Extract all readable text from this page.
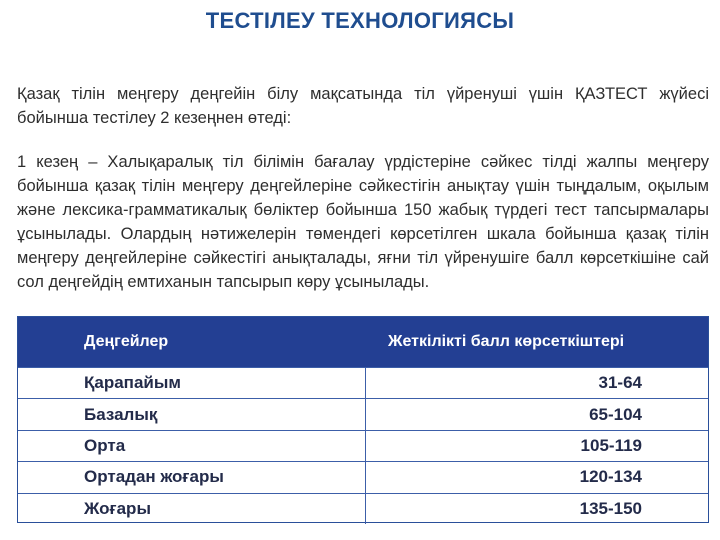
ТЕСТІЛЕУ ТЕХНОЛОГИЯСЫ
Қазақ тілін меңгеру деңгейін білу мақсатында тіл үйренуші үшін ҚАЗТЕСТ жүйесі бойынша тестілеу 2 кезеңнен өтеді:
1 кезең – Халықаралық тіл білімін бағалау үрдістеріне сәйкес тілді жалпы меңгеру бойынша қазақ тілін меңгеру деңгейлеріне сәйкестігін анықтау үшін тыңдалым, оқылым және лексика-грамматикалық бөліктер бойынша 150 жабық түрдегі тест тапсырмалары ұсынылады. Олардың нәтижелерін төмендегі көрсетілген шкала бойынша қазақ тілін меңгеру деңгейлеріне сәйкестігі анықталады, яғни тіл үйренушіге балл көрсеткішіне сай сол деңгейдің емтиханын тапсырып көру ұсынылады.
Деңгейлер	Жеткілікті балл көрсеткіштері
Қарапайым	31-64
Базалық	65-104
Орта	105-119
Ортадан жоғары	120-134
Жоғары	135-150
